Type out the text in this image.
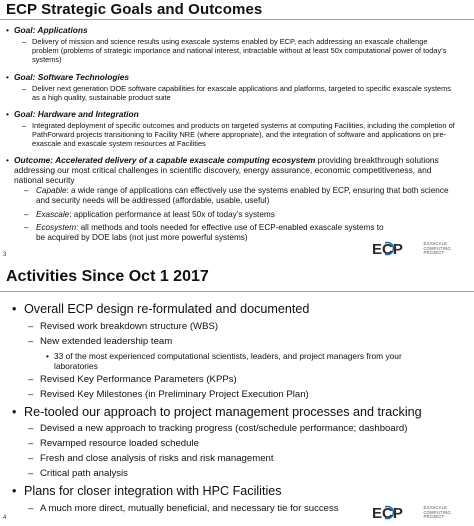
ECP Strategic Goals and Outcomes
• Goal: Applications
– Delivery of mission and science results using exascale systems enabled by ECP, each addressing an exascale challenge problem (problems of strategic importance and national interest, intractable without at least 50x computational power of today’s systems)
• Goal: Software Technologies
– Deliver next generation DOE software capabilities for exascale applications and platforms, targeted to specific exascale systems as a high quality, sustainable product suite
• Goal: Hardware and Integration
– Integrated deployment of specific outcomes and products on targeted systems at computing Facilities, including the completion of PathForward projects transitioning to Facility NRE (where appropriate), and the integration of software and applications on pre-exascale and exascale system resources at Facilities
• Outcome: Accelerated delivery of a capable exascale computing ecosystem providing breakthrough solutions addressing our most critical challenges in scientific discovery, energy assurance, economic competitiveness, and national security
– Capable: a wide range of applications can effectively use the systems enabled by ECP, ensuring that both science and security needs will be addressed (affordable, usable, useful)
– Exascale: application performance at least 50x of today’s systems
– Ecosystem: all methods and tools needed for effective use of ECP-enabled exascale systems to be acquired by DOE labs (not just more powerful systems)
3	ECP	EXASCALE
COMPUTING
PROJECT
Activities Since Oct 1 2017
• Overall ECP design re-formulated and documented
– Revised work breakdown structure (WBS)
– New extended leadership team
• 33 of the most experienced computational scientists, leaders, and project managers from your laboratories
– Revised Key Performance Parameters (KPPs)
– Revised Key Milestones (in Preliminary Project Execution Plan)
• Re-tooled our approach to project management processes and tracking
– Devised a new approach to tracking progress (cost/schedule performance; dashboard)
– Revamped resource loaded schedule
– Fresh and close analysis of risks and risk management
– Critical path analysis
• Plans for closer integration with HPC Facilities
– A much more direct, mutually beneficial, and necessary tie for success
4	ECP	EXASCALE
COMPUTING
PROJECT
